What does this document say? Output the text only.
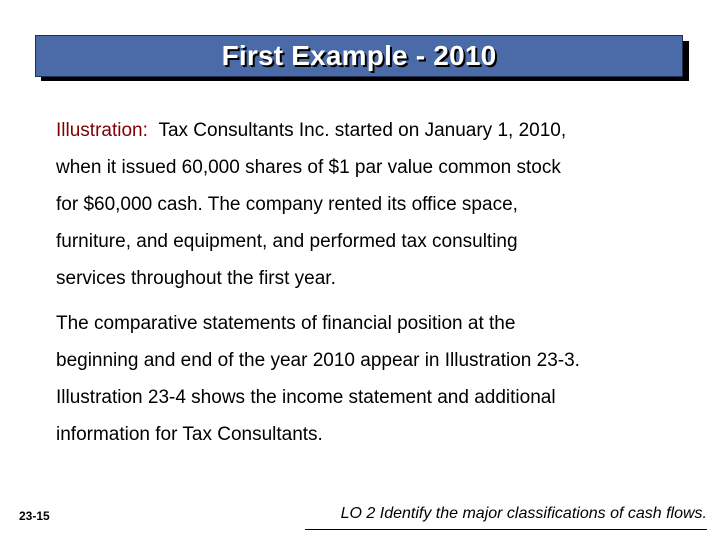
First Example - 2010

Illustration: Tax Consultants Inc. started on January 1, 2010,

when it issued 60,000 shares of $1 par value common stock

for $60,000 cash. The company rented its office space,

furniture, and equipment, and performed tax consulting

services throughout the first year.

The comparative statements of financial position at the

beginning and end of the year 2010 appear in Illustration 23-3.

Illustration 23-4 shows the income statement and additional

information for Tax Consultants.

23-15	LO 2 Identify the major classifications of cash flows.
